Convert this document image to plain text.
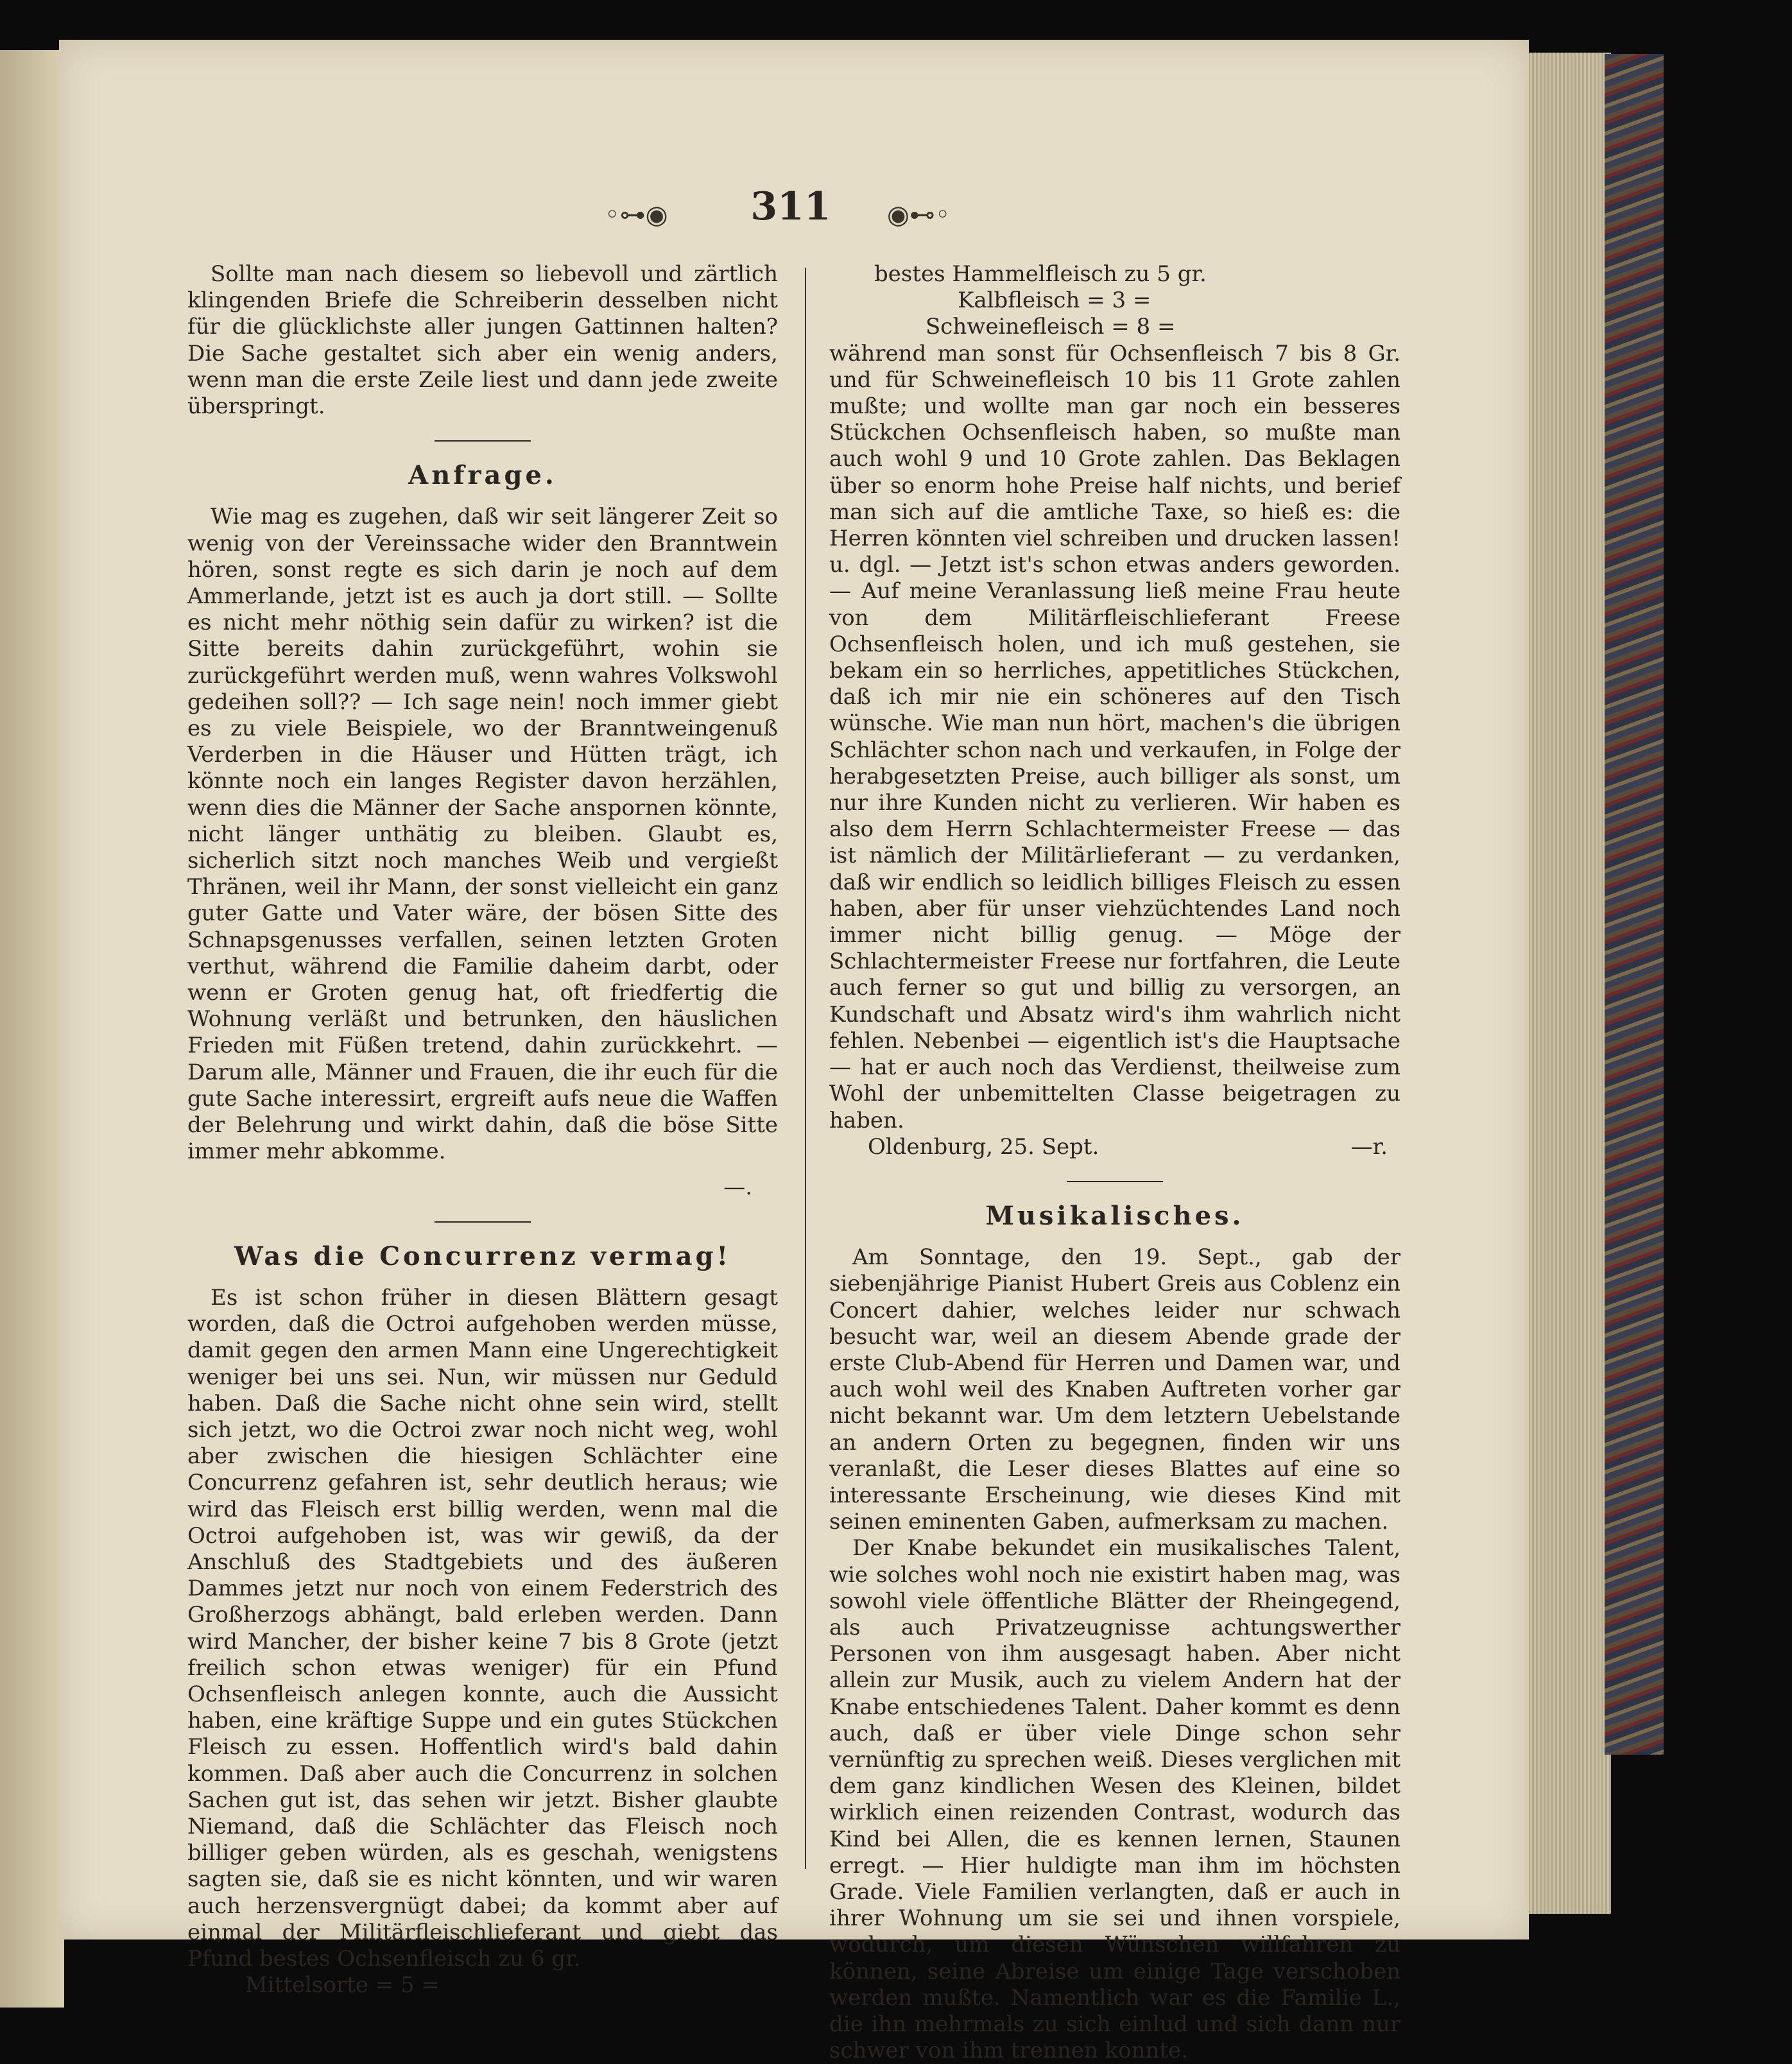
◦⊶◉	311	◉⊷◦

Sollte man nach diesem so liebevoll und zärtlich klingenden Briefe die Schreiberin desselben nicht für die glücklichste aller jungen Gattinnen halten? Die Sache gestaltet sich aber ein wenig anders, wenn man die erste Zeile liest und dann jede zweite überspringt.

Anfrage.

Wie mag es zugehen, daß wir seit längerer Zeit so wenig von der Vereinssache wider den Branntwein hören, sonst regte es sich darin je noch auf dem Ammerlande, jetzt ist es auch ja dort still. — Sollte es nicht mehr nöthig sein dafür zu wirken? ist die Sitte bereits dahin zurückgeführt, wohin sie zurückgeführt werden muß, wenn wahres Volkswohl gedeihen soll?? — Ich sage nein! noch immer giebt es zu viele Beispiele, wo der Branntweingenuß Verderben in die Häuser und Hütten trägt, ich könnte noch ein langes Register davon herzählen, wenn dies die Männer der Sache anspornen könnte, nicht länger unthätig zu bleiben. Glaubt es, sicherlich sitzt noch manches Weib und vergießt Thränen, weil ihr Mann, der sonst vielleicht ein ganz guter Gatte und Vater wäre, der bösen Sitte des Schnapsgenusses verfallen, seinen letzten Groten verthut, während die Familie daheim darbt, oder wenn er Groten genug hat, oft friedfertig die Wohnung verläßt und betrunken, den häuslichen Frieden mit Füßen tretend, dahin zurückkehrt. — Darum alle, Männer und Frauen, die ihr euch für die gute Sache interessirt, ergreift aufs neue die Waffen der Belehrung und wirkt dahin, daß die böse Sitte immer mehr abkomme.

—.
Was die Concurrenz vermag!

Es ist schon früher in diesen Blättern gesagt worden, daß die Octroi aufgehoben werden müsse, damit gegen den armen Mann eine Ungerechtigkeit weniger bei uns sei. Nun, wir müssen nur Geduld haben. Daß die Sache nicht ohne sein wird, stellt sich jetzt, wo die Octroi zwar noch nicht weg, wohl aber zwischen die hiesigen Schlächter eine Concurrenz gefahren ist, sehr deutlich heraus; wie wird das Fleisch erst billig werden, wenn mal die Octroi aufgehoben ist, was wir gewiß, da der Anschluß des Stadtgebiets und des äußeren Dammes jetzt nur noch von einem Federstrich des Großherzogs abhängt, bald erleben werden. Dann wird Mancher, der bisher keine 7 bis 8 Grote (jetzt freilich schon etwas weniger) für ein Pfund Ochsenfleisch anlegen konnte, auch die Aussicht haben, eine kräftige Suppe und ein gutes Stückchen Fleisch zu essen. Hoffentlich wird's bald dahin kommen. Daß aber auch die Concurrenz in solchen Sachen gut ist, das sehen wir jetzt. Bisher glaubte Niemand, daß die Schlächter das Fleisch noch billiger geben würden, als es geschah, wenigstens sagten sie, daß sie es nicht könnten, und wir waren auch herzensvergnügt dabei; da kommt aber auf einmal der Militärfleischlieferant und giebt das Pfund bestes Ochsenfleisch zu 6 gr.

Mittelsorte = 5 =

bestes Hammelfleisch zu 5 gr.

Kalbfleisch = 3 =

Schweinefleisch = 8 =

während man sonst für Ochsenfleisch 7 bis 8 Gr. und für Schweinefleisch 10 bis 11 Grote zahlen mußte; und wollte man gar noch ein besseres Stückchen Ochsenfleisch haben, so mußte man auch wohl 9 und 10 Grote zahlen. Das Beklagen über so enorm hohe Preise half nichts, und berief man sich auf die amtliche Taxe, so hieß es: die Herren könnten viel schreiben und drucken lassen! u. dgl. — Jetzt ist's schon etwas anders geworden. — Auf meine Veranlassung ließ meine Frau heute von dem Militärfleischlieferant Freese Ochsenfleisch holen, und ich muß gestehen, sie bekam ein so herrliches, appetitliches Stückchen, daß ich mir nie ein schöneres auf den Tisch wünsche. Wie man nun hört, machen's die übrigen Schlächter schon nach und verkaufen, in Folge der herabgesetzten Preise, auch billiger als sonst, um nur ihre Kunden nicht zu verlieren. Wir haben es also dem Herrn Schlachtermeister Freese — das ist nämlich der Militärlieferant — zu verdanken, daß wir endlich so leidlich billiges Fleisch zu essen haben, aber für unser viehzüchtendes Land noch immer nicht billig genug. — Möge der Schlachtermeister Freese nur fortfahren, die Leute auch ferner so gut und billig zu versorgen, an Kundschaft und Absatz wird's ihm wahrlich nicht fehlen. Nebenbei — eigentlich ist's die Hauptsache — hat er auch noch das Verdienst, theilweise zum Wohl der unbemittelten Classe beigetragen zu haben.

Oldenburg, 25. Sept.	—r.
Musikalisches.

Am Sonntage, den 19. Sept., gab der siebenjährige Pianist Hubert Greis aus Coblenz ein Concert dahier, welches leider nur schwach besucht war, weil an diesem Abende grade der erste Club-Abend für Herren und Damen war, und auch wohl weil des Knaben Auftreten vorher gar nicht bekannt war. Um dem letztern Uebelstande an andern Orten zu begegnen, finden wir uns veranlaßt, die Leser dieses Blattes auf eine so interessante Erscheinung, wie dieses Kind mit seinen eminenten Gaben, aufmerksam zu machen.

Der Knabe bekundet ein musikalisches Talent, wie solches wohl noch nie existirt haben mag, was sowohl viele öffentliche Blätter der Rheingegend, als auch Privatzeugnisse achtungswerther Personen von ihm ausgesagt haben. Aber nicht allein zur Musik, auch zu vielem Andern hat der Knabe entschiedenes Talent. Daher kommt es denn auch, daß er über viele Dinge schon sehr vernünftig zu sprechen weiß. Dieses verglichen mit dem ganz kindlichen Wesen des Kleinen, bildet wirklich einen reizenden Contrast, wodurch das Kind bei Allen, die es kennen lernen, Staunen erregt. — Hier huldigte man ihm im höchsten Grade. Viele Familien verlangten, daß er auch in ihrer Wohnung um sie sei und ihnen vorspiele, wodurch, um diesen Wünschen willfahren zu können, seine Abreise um einige Tage verschoben werden mußte. Namentlich war es die Familie L., die ihn mehrmals zu sich einlud und sich dann nur schwer von ihm trennen konnte.
